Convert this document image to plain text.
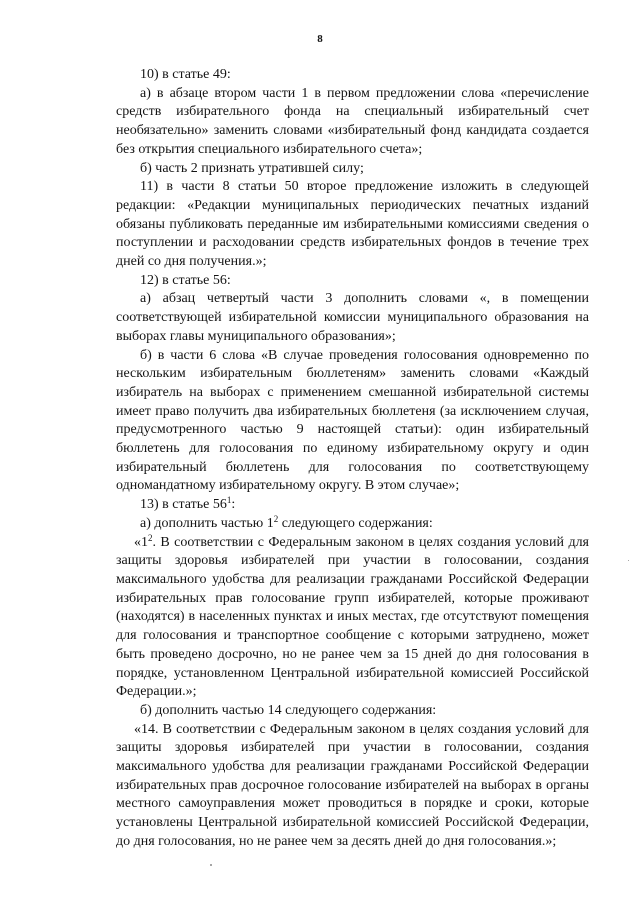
8

10) в статье 49:

а) в абзаце втором части 1 в первом предложении слова «перечисление средств избирательного фонда на специальный избирательный счет необязательно» заменить словами «избирательный фонд кандидата создается без открытия специального избирательного счета»;

б) часть 2 признать утратившей силу;

11) в части 8 статьи 50 второе предложение изложить в следующей редакции: «Редакции муниципальных периодических печатных изданий обязаны публиковать переданные им избирательными комиссиями сведения о поступлении и расходовании средств избирательных фондов в течение трех дней со дня получения.»;

12) в статье 56:

а) абзац четвертый части 3 дополнить словами «, в помещении соответствующей избирательной комиссии муниципального образования на выборах главы муниципального образования»;

б) в части 6 слова «В случае проведения голосования одновременно по нескольким избирательным бюллетеням» заменить словами «Каждый избиратель на выборах с применением смешанной избирательной системы имеет право получить два избирательных бюллетеня (за исключением случая, предусмотренного частью 9 настоящей статьи): один избирательный бюллетень для голосования по единому избирательному округу и один избирательный бюллетень для голосования по соответствующему одномандатному избирательному округу. В этом случае»;

13) в статье $56^1$:

а) дополнить частью $1^2$ следующего содержания:

«$1^2$. В соответствии с Федеральным законом в целях создания условий для защиты здоровья избирателей при участии в голосовании, создания максимального удобства для реализации гражданами Российской Федерации избирательных прав голосование групп избирателей, которые проживают (находятся) в населенных пунктах и иных местах, где отсутствуют помещения для голосования и транспортное сообщение с которыми затруднено, может быть проведено досрочно, но не ранее чем за 15 дней до дня голосования в порядке, установленном Центральной избирательной комиссией Российской Федерации.»;

б) дополнить частью 14 следующего содержания:

«14. В соответствии с Федеральным законом в целях создания условий для защиты здоровья избирателей при участии в голосовании, создания максимального удобства для реализации гражданами Российской Федерации избирательных прав досрочное голосование избирателей на выборах в органы местного самоуправления может проводиться в порядке и сроки, которые установлены Центральной избирательной комиссией Российской Федерации, до дня голосования, но не ранее чем за десять дней до дня голосования.»;
